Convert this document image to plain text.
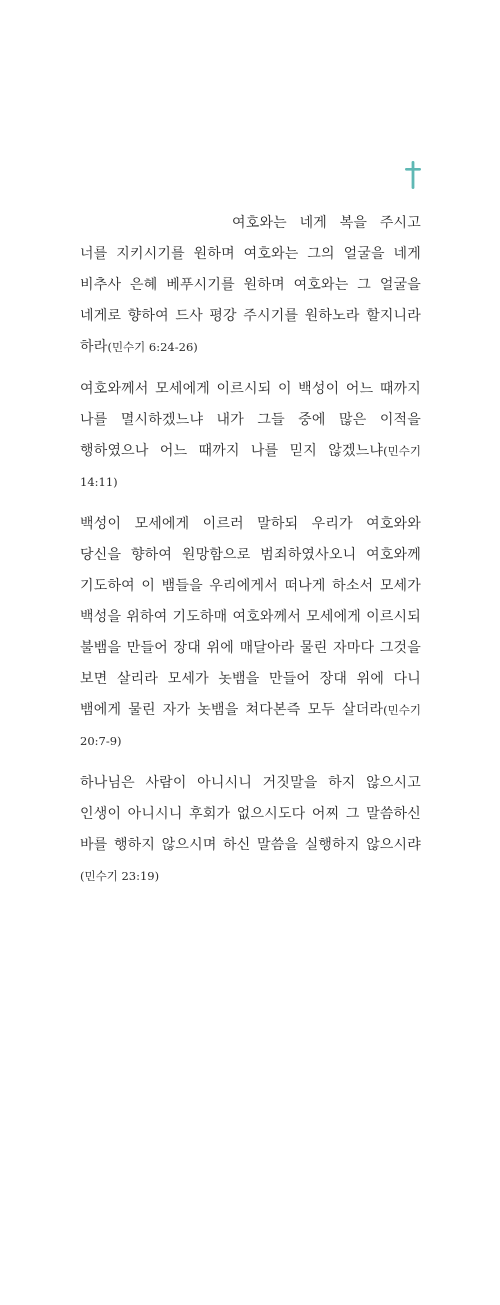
여호와는 네게 복을 주시고 너를 지키시기를 원하며 여호와는 그의 얼굴을 네게 비추사 은혜 베푸시기를 원하며 여호와는 그 얼굴을 네게로 향하여 드사 평강 주시기를 원하노라 할지니라 하라(민수기 6:24-26)

여호와께서 모세에게 이르시되 이 백성이 어느 때까지 나를 멸시하겠느냐 내가 그들 중에 많은 이적을 행하였으나 어느 때까지 나를 믿지 않겠느냐(민수기 14:11)

백성이 모세에게 이르러 말하되 우리가 여호와와 당신을 향하여 원망함으로 범죄하였사오니 여호와께 기도하여 이 뱀들을 우리에게서 떠나게 하소서 모세가 백성을 위하여 기도하매 여호와께서 모세에게 이르시되 불뱀을 만들어 장대 위에 매달아라 물린 자마다 그것을 보면 살리라 모세가 놋뱀을 만들어 장대 위에 다니 뱀에게 물린 자가 놋뱀을 쳐다본즉 모두 살더라(민수기 20:7-9)

하나님은 사람이 아니시니 거짓말을 하지 않으시고 인생이 아니시니 후회가 없으시도다 어찌 그 말씀하신 바를 행하지 않으시며 하신 말씀을 실행하지 않으시랴(민수기 23:19)
